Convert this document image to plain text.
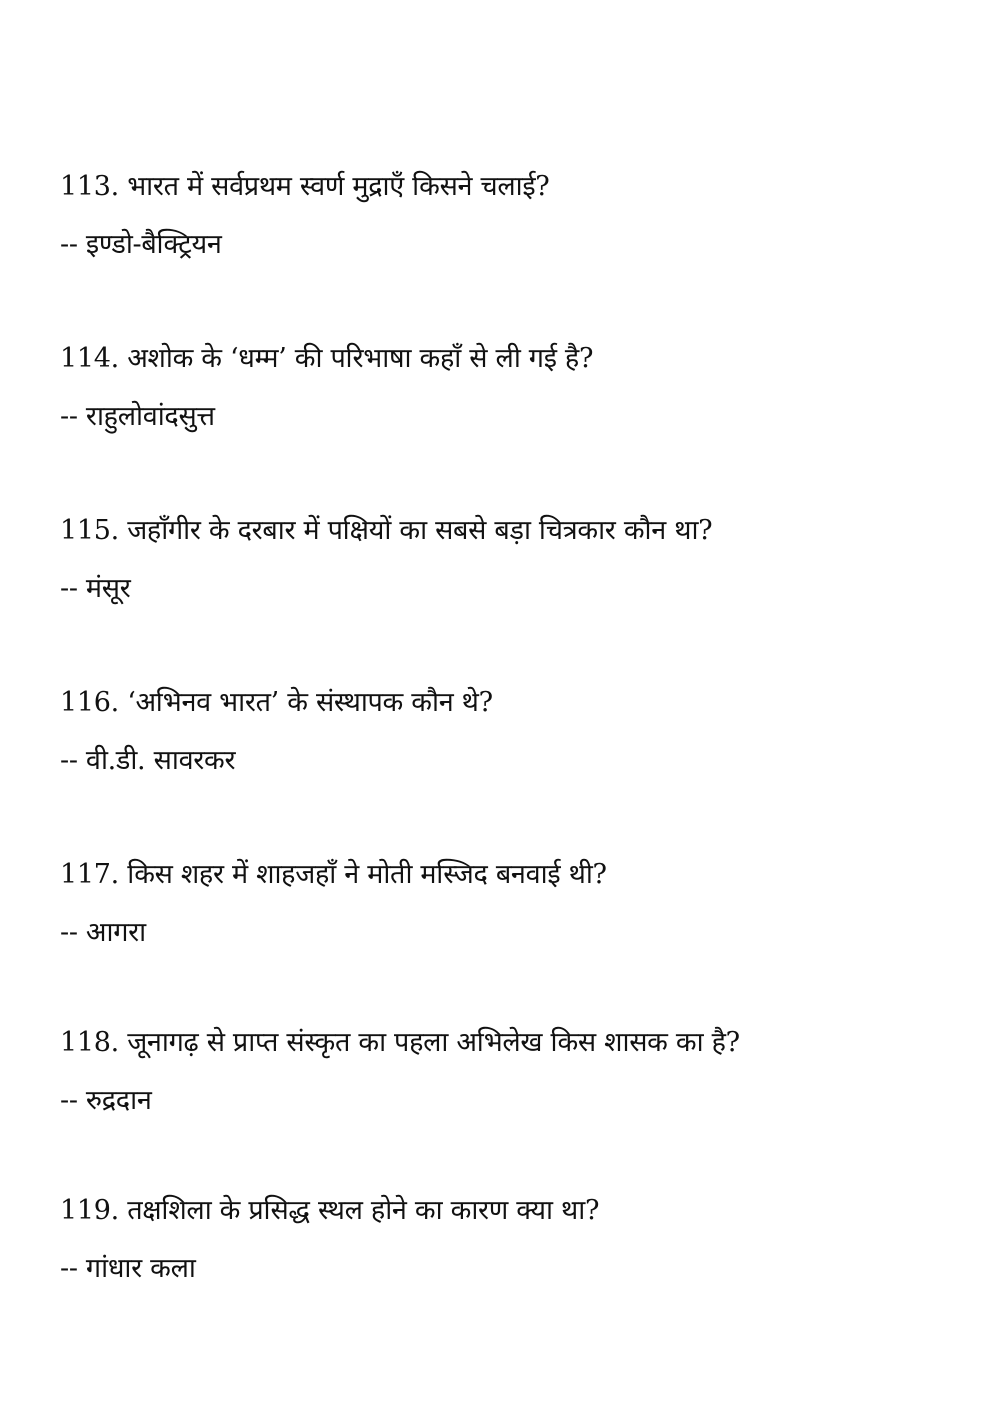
113. भारत में सर्वप्रथम स्वर्ण मुद्राएँ किसने चलाई?
-- इण्डो-बैक्ट्रियन
114. अशोक के ‘धम्म’ की परिभाषा कहाँ से ली गई है?
-- राहुलोवांदसुत्त
115. जहाँगीर के दरबार में पक्षियों का सबसे बड़ा चित्रकार कौन था?
-- मंसूर
116. ‘अभिनव भारत’ के संस्थापक कौन थे?
-- वी.डी. सावरकर
117. किस शहर में शाहजहाँ ने मोती मस्जिद बनवाई थी?
-- आगरा
118. जूनागढ़ से प्राप्त संस्कृत का पहला अभिलेख किस शासक का है?
-- रुद्रदान
119. तक्षशिला के प्रसिद्ध स्थल होने का कारण क्या था?
-- गांधार कला
